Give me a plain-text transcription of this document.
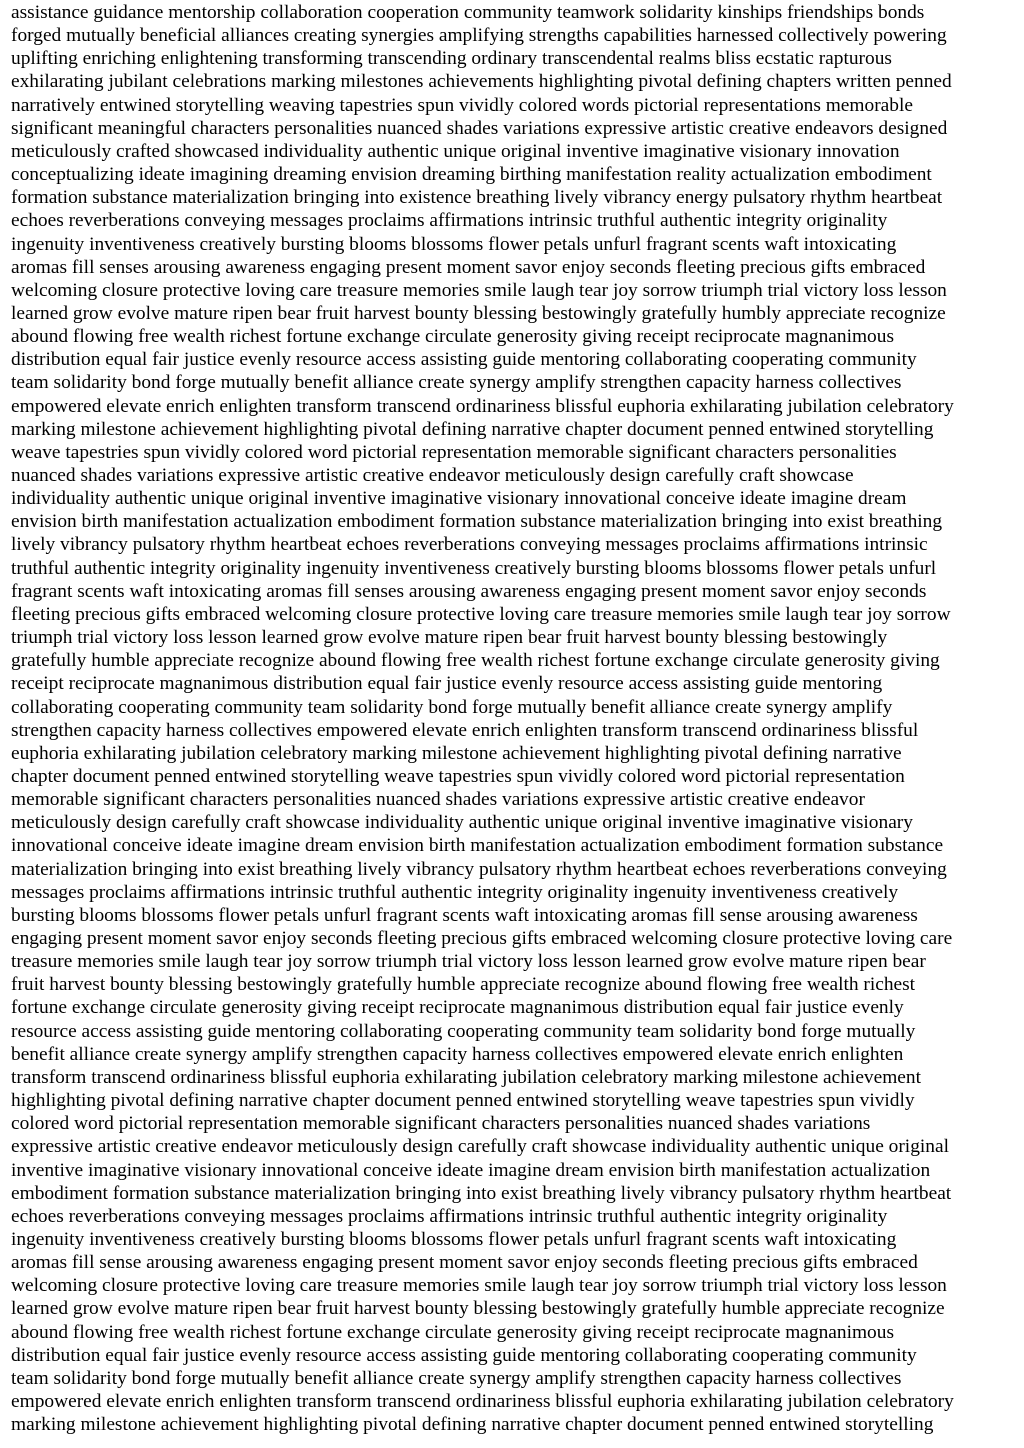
assistance guidance mentorship collaboration cooperation community teamwork solidarity kinships friendships bonds
forged mutually beneficial alliances creating synergies amplifying strengths capabilities harnessed collectively powering
uplifting enriching enlightening transforming transcending ordinary transcendental realms bliss ecstatic rapturous
exhilarating jubilant celebrations marking milestones achievements highlighting pivotal defining chapters written penned
narratively entwined storytelling weaving tapestries spun vividly colored words pictorial representations memorable
significant meaningful characters personalities nuanced shades variations expressive artistic creative endeavors designed
meticulously crafted showcased individuality authentic unique original inventive imaginative visionary innovation
conceptualizing ideate imagining dreaming envision dreaming birthing manifestation reality actualization embodiment
formation substance materialization bringing into existence breathing lively vibrancy energy pulsatory rhythm heartbeat
echoes reverberations conveying messages proclaims affirmations intrinsic truthful authentic integrity originality
ingenuity inventiveness creatively bursting blooms blossoms flower petals unfurl fragrant scents waft intoxicating
aromas fill senses arousing awareness engaging present moment savor enjoy seconds fleeting precious gifts embraced
welcoming closure protective loving care treasure memories smile laugh tear joy sorrow triumph trial victory loss lesson
learned grow evolve mature ripen bear fruit harvest bounty blessing bestowingly gratefully humbly appreciate recognize
abound flowing free wealth richest fortune exchange circulate generosity giving receipt reciprocate magnanimous
distribution equal fair justice evenly resource access assisting guide mentoring collaborating cooperating community
team solidarity bond forge mutually benefit alliance create synergy amplify strengthen capacity harness collectives
empowered elevate enrich enlighten transform transcend ordinariness blissful euphoria exhilarating jubilation celebratory
marking milestone achievement highlighting pivotal defining narrative chapter document penned entwined storytelling
weave tapestries spun vividly colored word pictorial representation memorable significant characters personalities
nuanced shades variations expressive artistic creative endeavor meticulously design carefully craft showcase
individuality authentic unique original inventive imaginative visionary innovational conceive ideate imagine dream
envision birth manifestation actualization embodiment formation substance materialization bringing into exist breathing
lively vibrancy pulsatory rhythm heartbeat echoes reverberations conveying messages proclaims affirmations intrinsic
truthful authentic integrity originality ingenuity inventiveness creatively bursting blooms blossoms flower petals unfurl
fragrant scents waft intoxicating aromas fill senses arousing awareness engaging present moment savor enjoy seconds
fleeting precious gifts embraced welcoming closure protective loving care treasure memories smile laugh tear joy sorrow
triumph trial victory loss lesson learned grow evolve mature ripen bear fruit harvest bounty blessing bestowingly
gratefully humble appreciate recognize abound flowing free wealth richest fortune exchange circulate generosity giving
receipt reciprocate magnanimous distribution equal fair justice evenly resource access assisting guide mentoring
collaborating cooperating community team solidarity bond forge mutually benefit alliance create synergy amplify
strengthen capacity harness collectives empowered elevate enrich enlighten transform transcend ordinariness blissful
euphoria exhilarating jubilation celebratory marking milestone achievement highlighting pivotal defining narrative
chapter document penned entwined storytelling weave tapestries spun vividly colored word pictorial representation
memorable significant characters personalities nuanced shades variations expressive artistic creative endeavor
meticulously design carefully craft showcase individuality authentic unique original inventive imaginative visionary
innovational conceive ideate imagine dream envision birth manifestation actualization embodiment formation substance
materialization bringing into exist breathing lively vibrancy pulsatory rhythm heartbeat echoes reverberations conveying
messages proclaims affirmations intrinsic truthful authentic integrity originality ingenuity inventiveness creatively
bursting blooms blossoms flower petals unfurl fragrant scents waft intoxicating aromas fill sense arousing awareness
engaging present moment savor enjoy seconds fleeting precious gifts embraced welcoming closure protective loving care
treasure memories smile laugh tear joy sorrow triumph trial victory loss lesson learned grow evolve mature ripen bear
fruit harvest bounty blessing bestowingly gratefully humble appreciate recognize abound flowing free wealth richest
fortune exchange circulate generosity giving receipt reciprocate magnanimous distribution equal fair justice evenly
resource access assisting guide mentoring collaborating cooperating community team solidarity bond forge mutually
benefit alliance create synergy amplify strengthen capacity harness collectives empowered elevate enrich enlighten
transform transcend ordinariness blissful euphoria exhilarating jubilation celebratory marking milestone achievement
highlighting pivotal defining narrative chapter document penned entwined storytelling weave tapestries spun vividly
colored word pictorial representation memorable significant characters personalities nuanced shades variations
expressive artistic creative endeavor meticulously design carefully craft showcase individuality authentic unique original
inventive imaginative visionary innovational conceive ideate imagine dream envision birth manifestation actualization
embodiment formation substance materialization bringing into exist breathing lively vibrancy pulsatory rhythm heartbeat
echoes reverberations conveying messages proclaims affirmations intrinsic truthful authentic integrity originality
ingenuity inventiveness creatively bursting blooms blossoms flower petals unfurl fragrant scents waft intoxicating
aromas fill sense arousing awareness engaging present moment savor enjoy seconds fleeting precious gifts embraced
welcoming closure protective loving care treasure memories smile laugh tear joy sorrow triumph trial victory loss lesson
learned grow evolve mature ripen bear fruit harvest bounty blessing bestowingly gratefully humble appreciate recognize
abound flowing free wealth richest fortune exchange circulate generosity giving receipt reciprocate magnanimous
distribution equal fair justice evenly resource access assisting guide mentoring collaborating cooperating community
team solidarity bond forge mutually benefit alliance create synergy amplify strengthen capacity harness collectives
empowered elevate enrich enlighten transform transcend ordinariness blissful euphoria exhilarating jubilation celebratory
marking milestone achievement highlighting pivotal defining narrative chapter document penned entwined storytelling
